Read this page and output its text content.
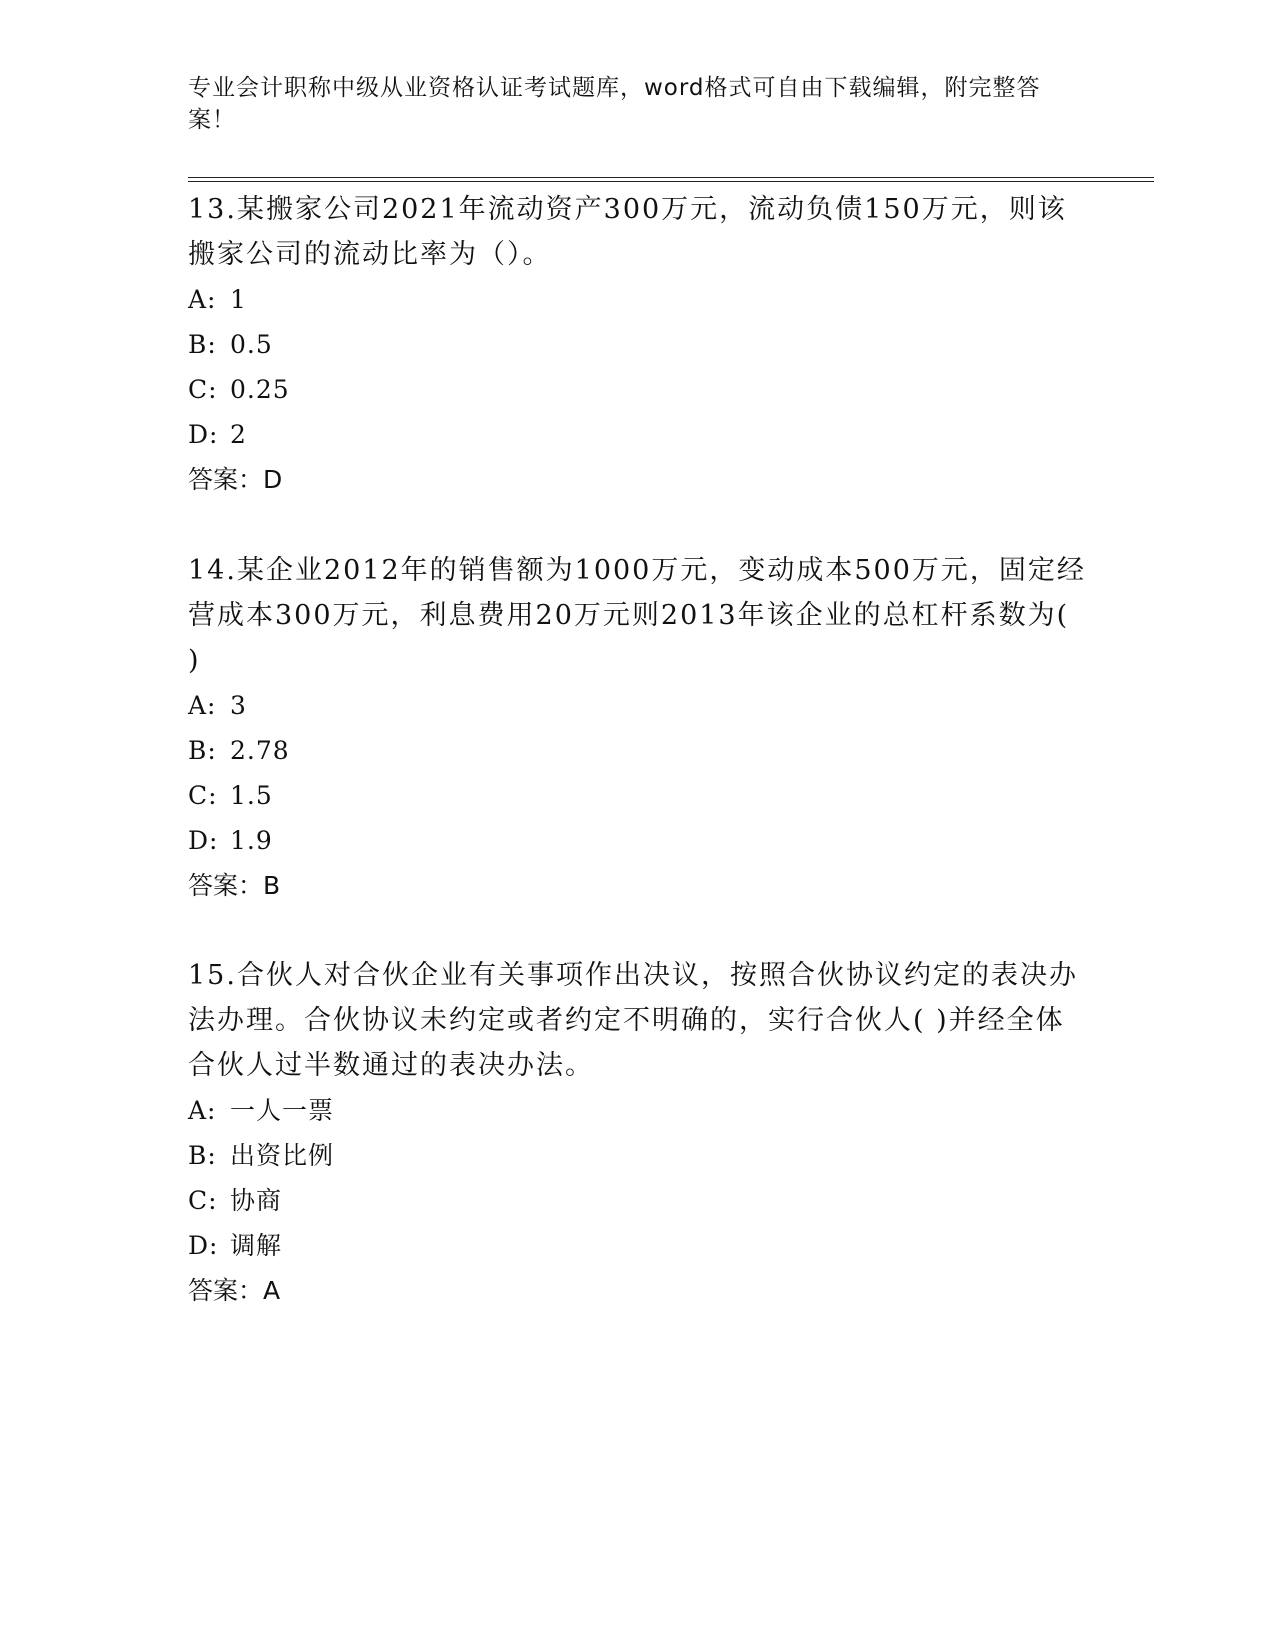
专业会计职称中级从业资格认证考试题库，word格式可自由下载编辑，附完整答案！

13.某搬家公司2021年流动资产300万元，流动负债150万元，则该搬家公司的流动比率为（）。

A: 1
B: 0.5
C: 0.25
D: 2
答案：D

14.某企业2012年的销售额为1000万元，变动成本500万元，固定经营成本300万元，利息费用20万元则2013年该企业的总杠杆系数为( )

A: 3
B: 2.78
C: 1.5
D: 1.9
答案：B

15.合伙人对合伙企业有关事项作出决议，按照合伙协议约定的表决办法办理。合伙协议未约定或者约定不明确的，实行合伙人( )并经全体合伙人过半数通过的表决办法。

A: 一人一票
B: 出资比例
C: 协商
D: 调解
答案：A
